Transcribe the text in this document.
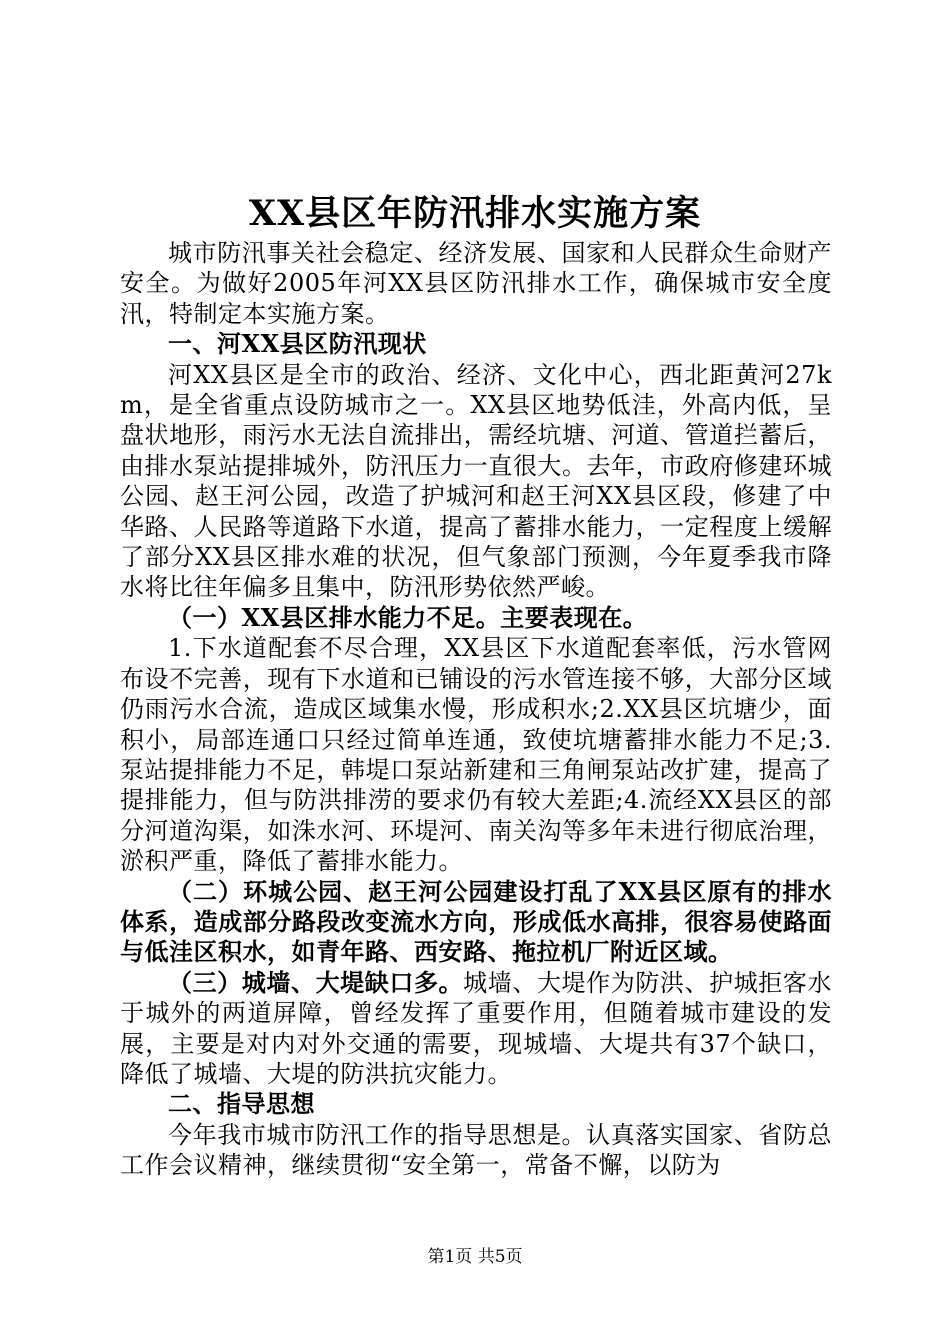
XX县区年防汛排水实施方案

城市防汛事关社会稳定、经济发展、国家和人民群众生命财产安全。为做好2005年河XX县区防汛排水工作，确保城市安全度汛，特制定本实施方案。

一、河XX县区防汛现状

河XX县区是全市的政治、经济、文化中心，西北距黄河27km，是全省重点设防城市之一。XX县区地势低洼，外高内低，呈盘状地形，雨污水无法自流排出，需经坑塘、河道、管道拦蓄后，由排水泵站提排城外，防汛压力一直很大。去年，市政府修建环城公园、赵王河公园，改造了护城河和赵王河XX县区段，修建了中华路、人民路等道路下水道，提高了蓄排水能力，一定程度上缓解了部分XX县区排水难的状况，但气象部门预测，今年夏季我市降水将比往年偏多且集中，防汛形势依然严峻。

（一）XX县区排水能力不足。主要表现在。

1.下水道配套不尽合理，XX县区下水道配套率低，污水管网布设不完善，现有下水道和已铺设的污水管连接不够，大部分区域仍雨污水合流，造成区域集水慢，形成积水;2.XX县区坑塘少，面积小，局部连通口只经过简单连通，致使坑塘蓄排水能力不足;3.泵站提排能力不足，韩堤口泵站新建和三角闸泵站改扩建，提高了提排能力，但与防洪排涝的要求仍有较大差距;4.流经XX县区的部分河道沟渠，如洙水河、环堤河、南关沟等多年未进行彻底治理，淤积严重，降低了蓄排水能力。

（二）环城公园、赵王河公园建设打乱了XX县区原有的排水体系，造成部分路段改变流水方向，形成低水高排，很容易使路面与低洼区积水，如青年路、西安路、拖拉机厂附近区域。

（三）城墙、大堤缺口多。城墙、大堤作为防洪、护城拒客水于城外的两道屏障，曾经发挥了重要作用，但随着城市建设的发展，主要是对内对外交通的需要，现城墙、大堤共有37个缺口，降低了城墙、大堤的防洪抗灾能力。

二、指导思想

今年我市城市防汛工作的指导思想是。认真落实国家、省防总工作会议精神，继续贯彻“安全第一，常备不懈，以防为

第1页 共5页
